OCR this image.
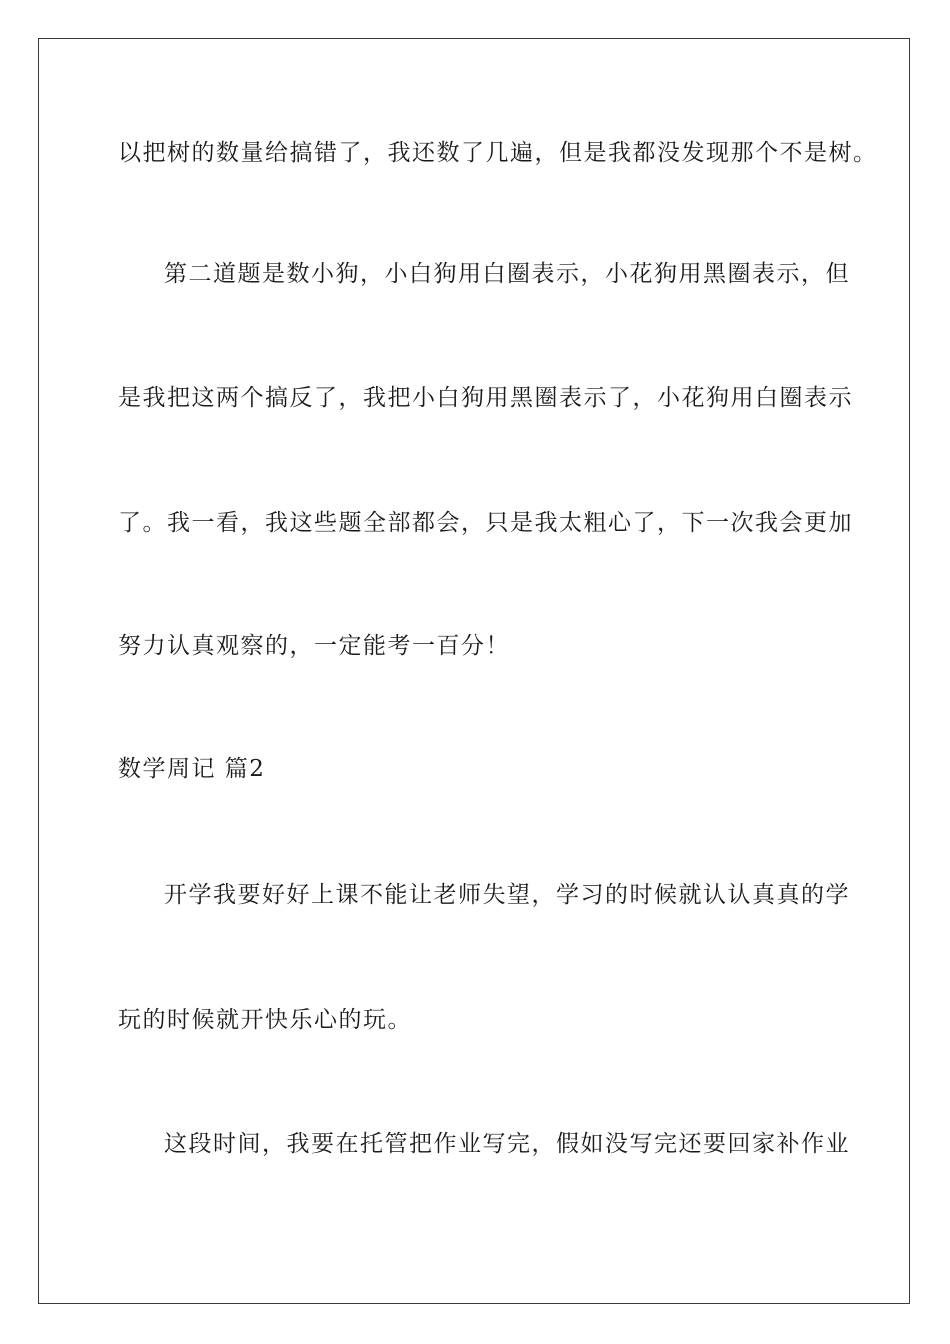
以把树的数量给搞错了，我还数了几遍，但是我都没发现那个不是树。

第二道题是数小狗，小白狗用白圈表示，小花狗用黑圈表示，但

是我把这两个搞反了，我把小白狗用黑圈表示了，小花狗用白圈表示

了。我一看，我这些题全部都会，只是我太粗心了，下一次我会更加

努力认真观察的，一定能考一百分！

数学周记 篇2

开学我要好好上课不能让老师失望，学习的时候就认认真真的学

玩的时候就开快乐心的玩。

这段时间，我要在托管把作业写完，假如没写完还要回家补作业
